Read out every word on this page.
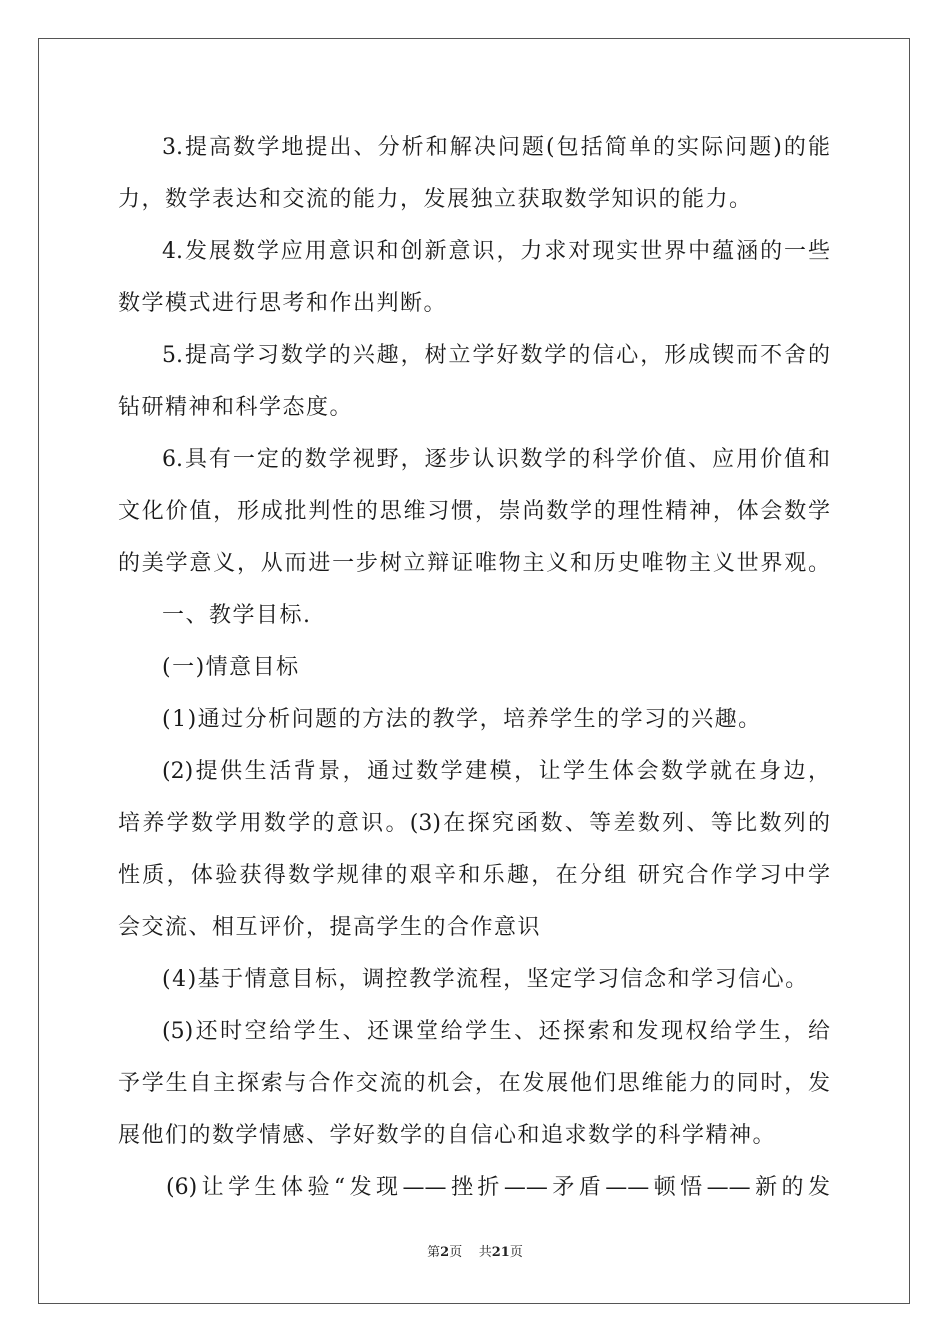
3.提高数学地提出、分析和解决问题(包括简单的实际问题)的能
力，数学表达和交流的能力，发展独立获取数学知识的能力。
4.发展数学应用意识和创新意识，力求对现实世界中蕴涵的一些
数学模式进行思考和作出判断。
5.提高学习数学的兴趣，树立学好数学的信心，形成锲而不舍的
钻研精神和科学态度。
6.具有一定的数学视野，逐步认识数学的科学价值、应用价值和
文化价值，形成批判性的思维习惯，崇尚数学的理性精神，体会数学
的美学意义，从而进一步树立辩证唯物主义和历史唯物主义世界观。
一、教学目标.
(一)情意目标
(1)通过分析问题的方法的教学，培养学生的学习的兴趣。
(2)提供生活背景，通过数学建模，让学生体会数学就在身边，
培养学数学用数学的意识。(3)在探究函数、等差数列、等比数列的
性质，体验获得数学规律的艰辛和乐趣，在分组 研究合作学习中学
会交流、相互评价，提高学生的合作意识
(4)基于情意目标，调控教学流程，坚定学习信念和学习信心。
(5)还时空给学生、还课堂给学生、还探索和发现权给学生，给
予学生自主探索与合作交流的机会，在发展他们思维能力的同时，发
展他们的数学情感、学好数学的自信心和追求数学的科学精神。
(6)让学生体验“发现——挫折——矛盾——顿悟——新的发
第2页 共21页
